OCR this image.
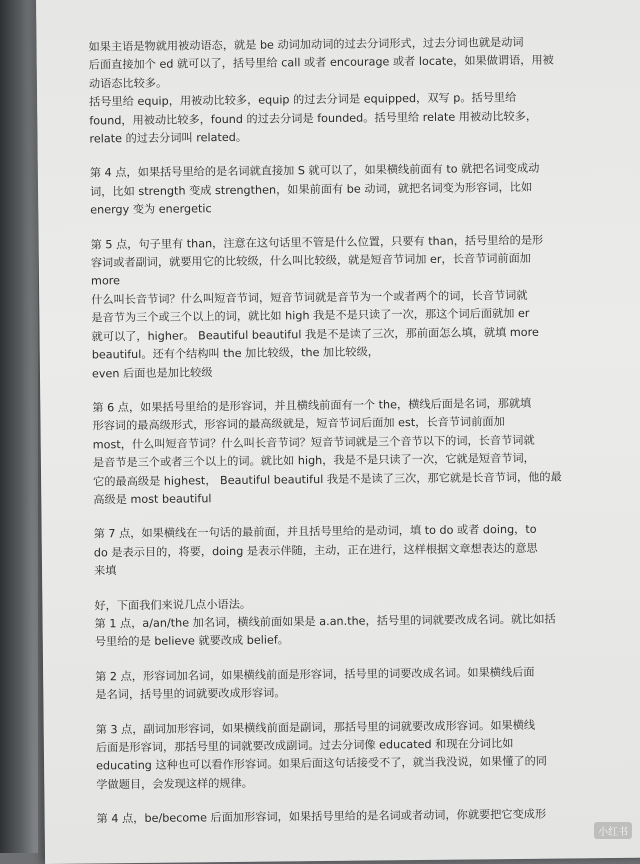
如果主语是物就用被动语态，就是 be 动词加动词的过去分词形式，过去分词也就是动词
后面直接加个 ed 就可以了，括号里给 call 或者 encourage 或者 locate，如果做谓语，用被
动语态比较多。
括号里给 equip，用被动比较多，equip 的过去分词是 equipped，双写 p。括号里给
found，用被动比较多，found 的过去分词是 founded。括号里给 relate 用被动比较多，
relate 的过去分词叫 related。
第 4 点，如果括号里给的是名词就直接加 S 就可以了，如果横线前面有 to 就把名词变成动
词，比如 strength 变成 strengthen，如果前面有 be 动词，就把名词变为形容词，比如
energy 变为 energetic
第 5 点，句子里有 than，注意在这句话里不管是什么位置，只要有 than，括号里给的是形
容词或者副词，就要用它的比较级，什么叫比较级，就是短音节词加 er，长音节词前面加
more
什么叫长音节词？什么叫短音节词，短音节词就是音节为一个或者两个的词，长音节词就
是音节为三个或三个以上的词，就比如 high 我是不是只读了一次，那这个词后面就加 er
就可以了，higher。 Beautiful beautiful 我是不是读了三次，那前面怎么填，就填 more
beautiful。还有个结构叫 the 加比较级，the 加比较级，
even 后面也是加比较级
第 6 点，如果括号里给的是形容词，并且横线前面有一个 the，横线后面是名词，那就填
形容词的最高级形式，形容词的最高级就是，短音节词后面加 est，长音节词前面加
most，什么叫短音节词？什么叫长音节词？短音节词就是三个音节以下的词，长音节词就
是音节是三个或者三个以上的词。就比如 high，我是不是只读了一次，它就是短音节词，
它的最高级是 highest， Beautiful beautiful 我是不是读了三次，那它就是长音节词，他的最
高级是 most beautiful
第 7 点，如果横线在一句话的最前面，并且括号里给的是动词，填 to do 或者 doing，to
do 是表示目的，将要，doing 是表示伴随，主动，正在进行，这样根据文章想表达的意思
来填
好，下面我们来说几点小语法。
第 1 点，a/an/the 加名词，横线前面如果是 a.an.the，括号里的词就要改成名词。就比如括
号里给的是 believe 就要改成 belief。
第 2 点，形容词加名词，如果横线前面是形容词，括号里的词要改成名词。如果横线后面
是名词，括号里的词就要改成形容词。
第 3 点，副词加形容词，如果横线前面是副词，那括号里的词就要改成形容词。如果横线
后面是形容词，那括号里的词就要改成副词。过去分词像 educated 和现在分词比如
educating 这种也可以看作形容词。如果后面这句话接受不了，就当我没说，如果懂了的同
学做题目，会发现这样的规律。
第 4 点，be/become 后面加形容词，如果括号里给的是名词或者动词，你就要把它变成形
小红书
